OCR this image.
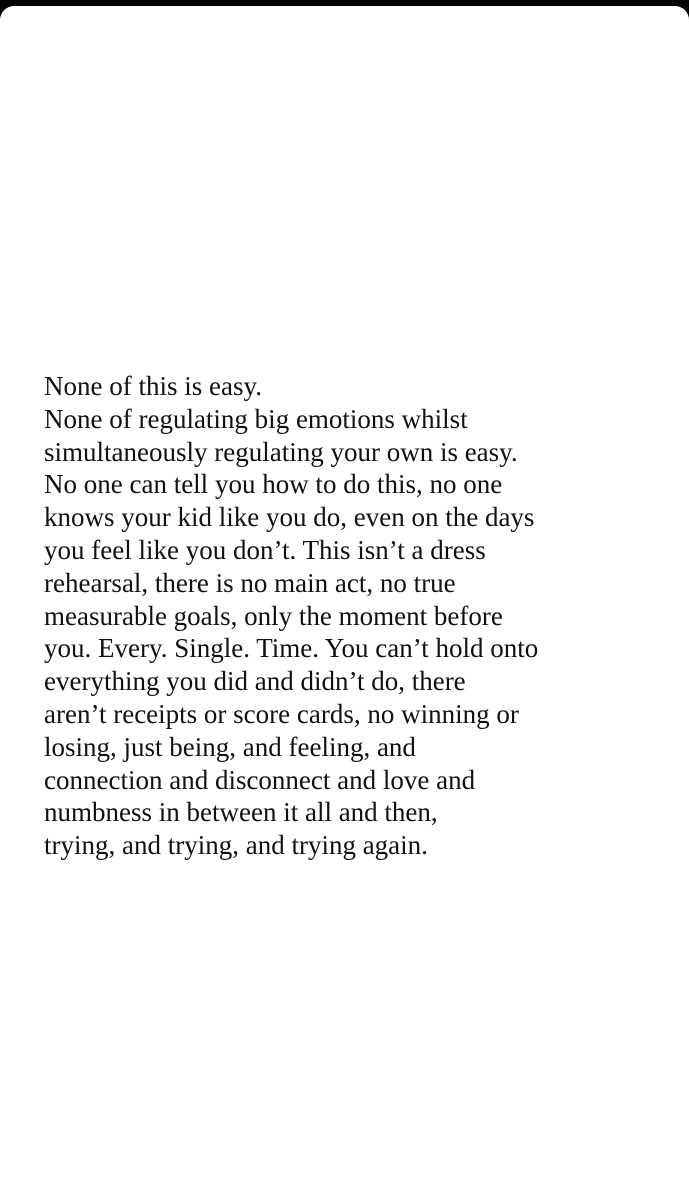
None of this is easy.
None of regulating big emotions whilst
simultaneously regulating your own is easy.
No one can tell you how to do this, no one
knows your kid like you do, even on the days
you feel like you don’t. This isn’t a dress
rehearsal, there is no main act, no true
measurable goals, only the moment before
you. Every. Single. Time. You can’t hold onto
everything you did and didn’t do, there
aren’t receipts or score cards, no winning or
losing, just being, and feeling, and
connection and disconnect and love and
numbness in between it all and then,
trying, and trying, and trying again.
